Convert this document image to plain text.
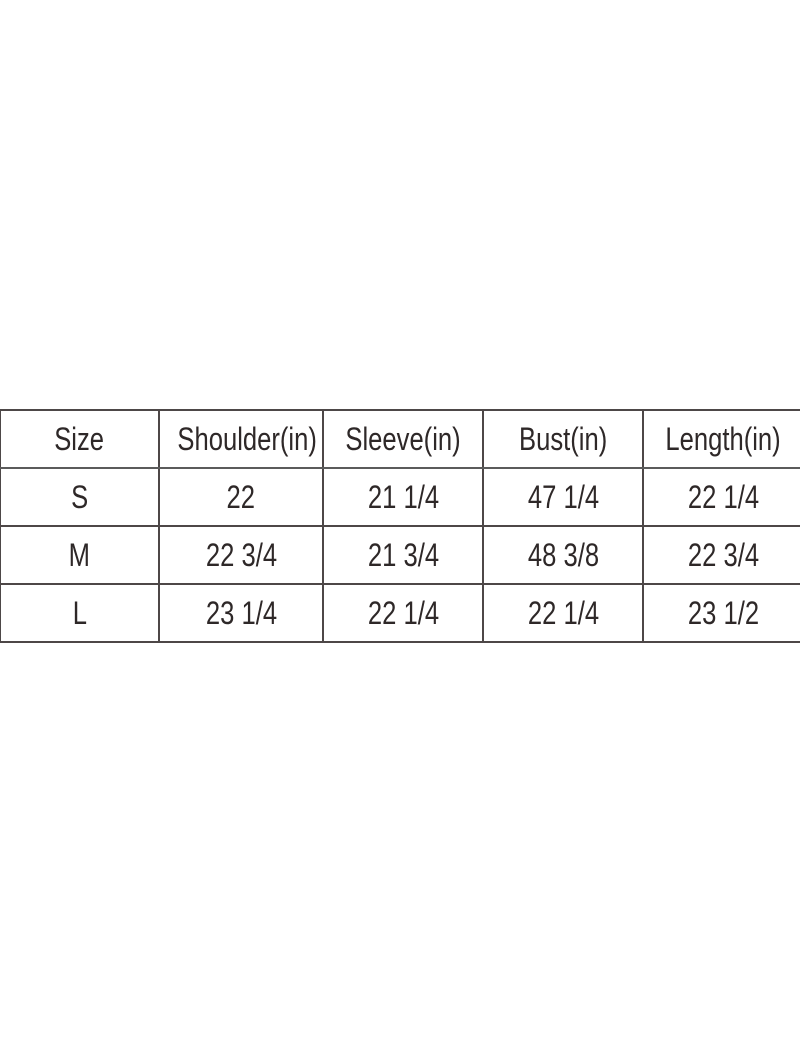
Size	Shoulder(in)	Sleeve(in)	Bust(in)	Length(in)
S	22	21 1/4	47 1/4	22 1/4
M	22 3/4	21 3/4	48 3/8	22 3/4
L	23 1/4	22 1/4	22 1/4	23 1/2
